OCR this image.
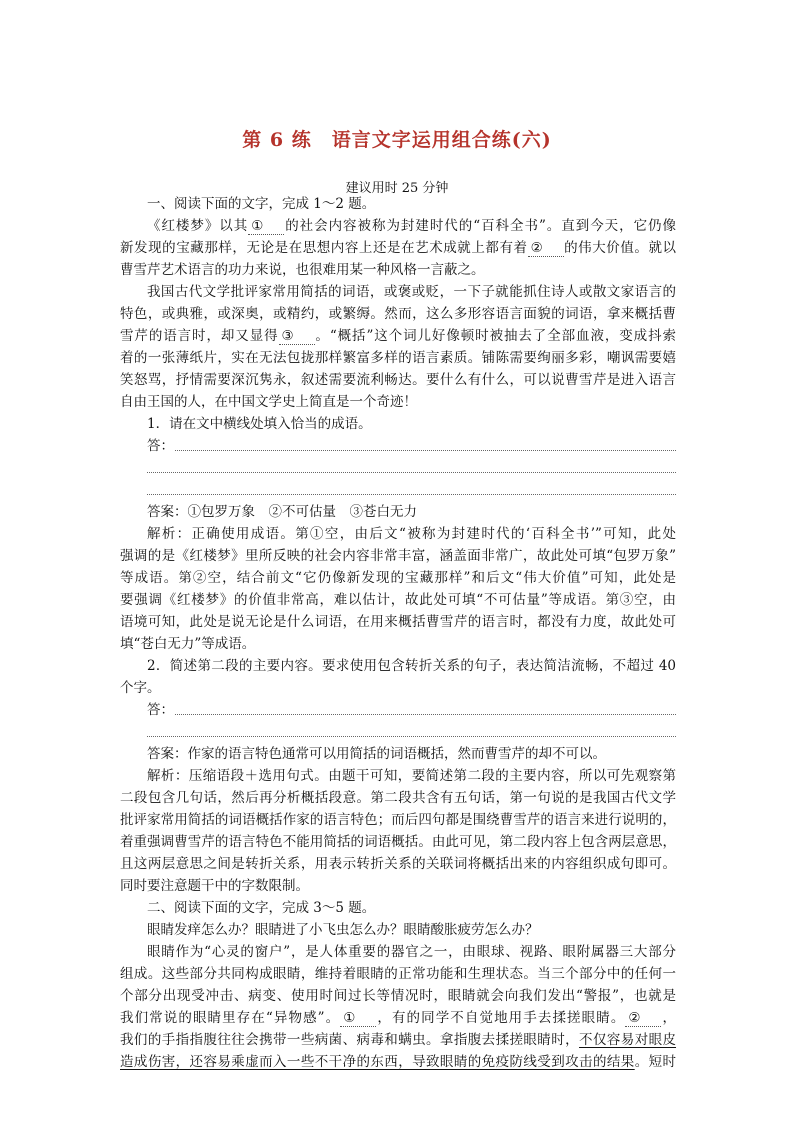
第 6 练　语言文字运用组合练(六)
建议用时 25 分钟
一、阅读下面的文字，完成 1～2 题。
《红楼梦》以其 ① 的社会内容被称为封建时代的“百科全书”。直到今天，它仍像
新发现的宝藏那样，无论是在思想内容上还是在艺术成就上都有着 ② 的伟大价值。就以
曹雪芹艺术语言的功力来说，也很难用某一种风格一言蔽之。
我国古代文学批评家常用简括的词语，或褒或贬，一下子就能抓住诗人或散文家语言的
特色，或典雅，或深奥，或精约，或繁缛。然而，这么多形容语言面貌的词语，拿来概括曹
雪芹的语言时，却又显得 ③ 。“概括”这个词儿好像顿时被抽去了全部血液，变成抖索
着的一张薄纸片，实在无法包拢那样繁富多样的语言素质。铺陈需要绚丽多彩，嘲讽需要嬉
笑怒骂，抒情需要深沉隽永，叙述需要流利畅达。要什么有什么，可以说曹雪芹是进入语言
自由王国的人，在中国文学史上简直是一个奇迹！
1．请在文中横线处填入恰当的成语。
答：
答案：①包罗万象　②不可估量　③苍白无力
解析：正确使用成语。第①空，由后文“被称为封建时代的‘百科全书’”可知，此处
强调的是《红楼梦》里所反映的社会内容非常丰富，涵盖面非常广，故此处可填“包罗万象”
等成语。第②空，结合前文“它仍像新发现的宝藏那样”和后文“伟大价值”可知，此处是
要强调《红楼梦》的价值非常高，难以估计，故此处可填“不可估量”等成语。第③空，由
语境可知，此处是说无论是什么词语，在用来概括曹雪芹的语言时，都没有力度，故此处可
填“苍白无力”等成语。
2．简述第二段的主要内容。要求使用包含转折关系的句子，表达简洁流畅，不超过 40
个字。
答：
答案：作家的语言特色通常可以用简括的词语概括，然而曹雪芹的却不可以。
解析：压缩语段＋选用句式。由题干可知，要简述第二段的主要内容，所以可先观察第
二段包含几句话，然后再分析概括段意。第二段共含有五句话，第一句说的是我国古代文学
批评家常用简括的词语概括作家的语言特色；而后四句都是围绕曹雪芹的语言来进行说明的，
着重强调曹雪芹的语言特色不能用简括的词语概括。由此可见，第二段内容上包含两层意思，
且这两层意思之间是转折关系，用表示转折关系的关联词将概括出来的内容组织成句即可。
同时要注意题干中的字数限制。
二、阅读下面的文字，完成 3～5 题。
眼睛发痒怎么办？眼睛进了小飞虫怎么办？眼睛酸胀疲劳怎么办？
眼睛作为“心灵的窗户”，是人体重要的器官之一，由眼球、视路、眼附属器三大部分
组成。这些部分共同构成眼睛，维持着眼睛的正常功能和生理状态。当三个部分中的任何一
个部分出现受冲击、病变、使用时间过长等情况时，眼睛就会向我们发出“警报”，也就是
我们常说的眼睛里存在“异物感”。 ① ，有的同学不自觉地用手去揉搓眼睛。 ② ，
我们的手指指腹往往会携带一些病菌、病毒和螨虫。拿指腹去揉搓眼睛时，不仅容易对眼皮
造成伤害，还容易乘虚而入一些不干净的东西，导致眼睛的免疫防线受到攻击的结果。短时
